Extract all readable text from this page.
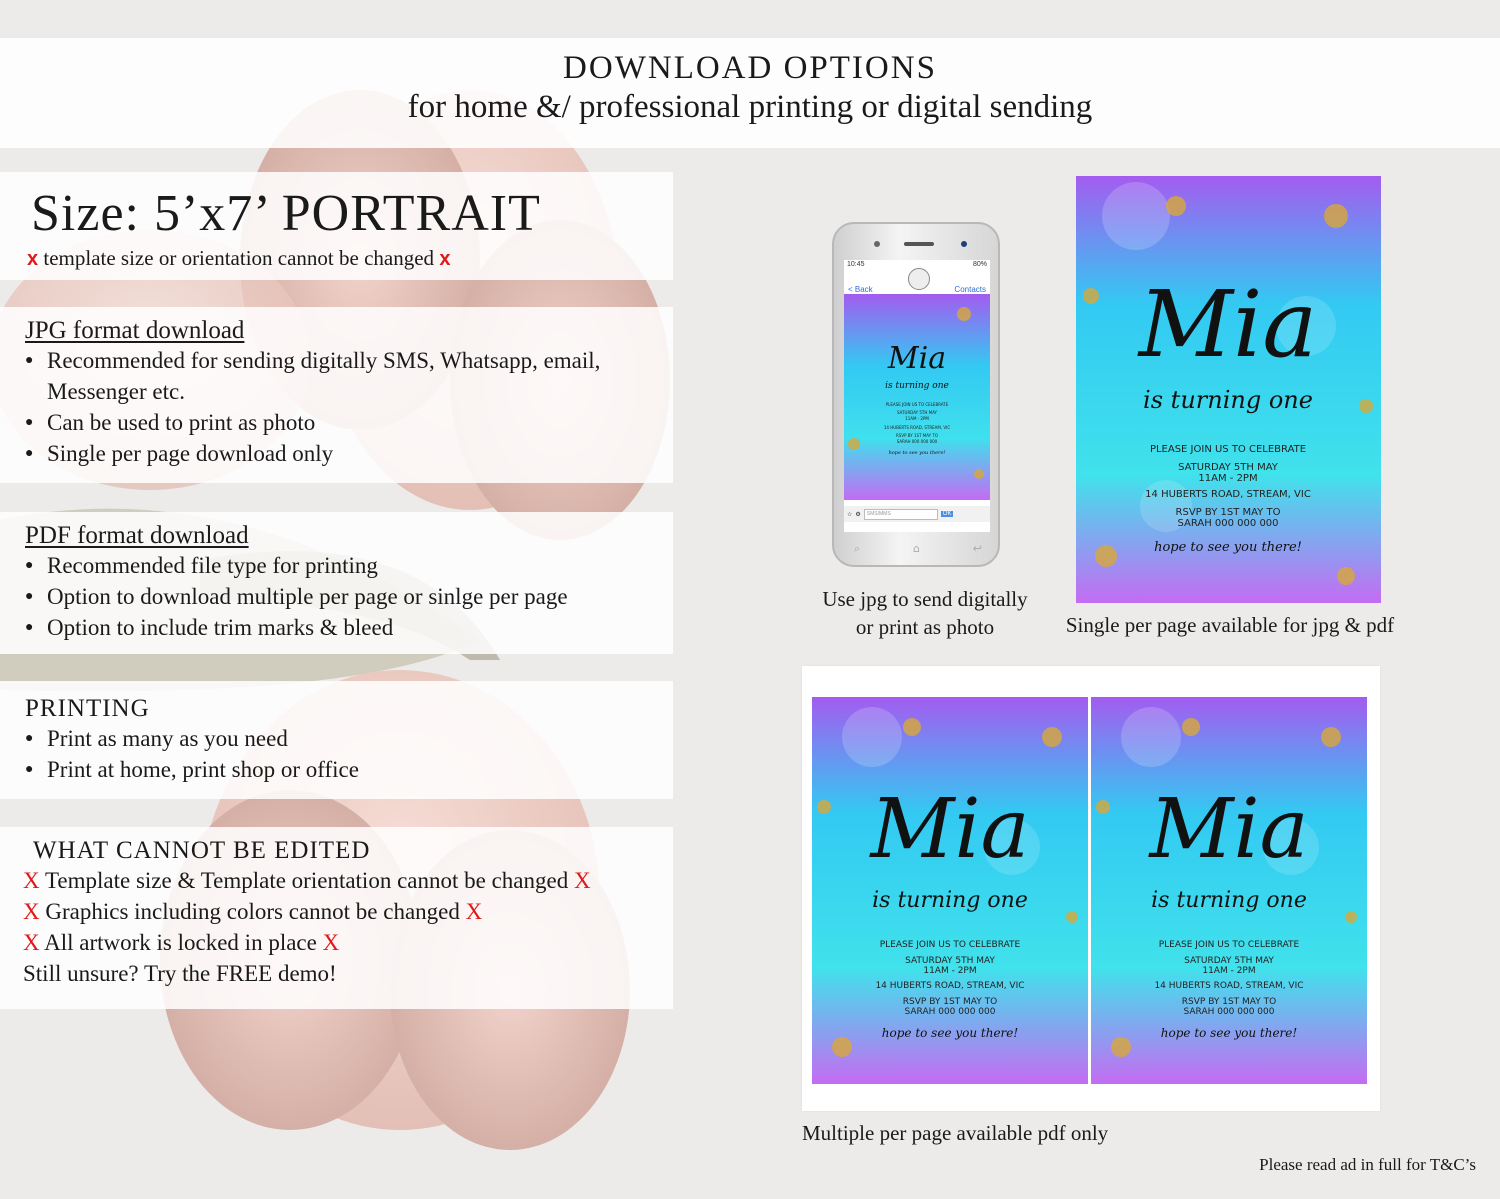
DOWNLOAD OPTIONS
for home &/ professional printing or digital sending
Size: 5’x7’ PORTRAIT
x template size or orientation cannot be changed x
JPG format download
● Recommended for sending digitally SMS, Whatsapp, email, Messenger etc.
● Can be used to print as photo
● Single per page download only
PDF format download
● Recommended file type for printing
● Option to download multiple per page or sinlge per page
● Option to include trim marks & bleed
PRINTING
● Print as many as you need
● Print at home, print shop or office
WHAT CANNOT BE EDITED
X Template size & Template orientation cannot be changed X
X Graphics including colors cannot be changed X
X All artwork is locked in place X
Still unsure? Try the FREE demo!
10:45	80%
< Back	Contacts
Mia
is turning one
PLEASE JOIN US TO CELEBRATE
SATURDAY 5TH MAY
11AM - 2PM
14 HUBERTS ROAD, STREAM, VIC
RSVP BY 1ST MAY TO
SARAH 000 000 000
hope to see you there!
☆ ⚙	SMS/MMS	OK
⌕	⌂	↩
Use jpg to send digitally
or print as photo
Mia
is turning one
PLEASE JOIN US TO CELEBRATE
SATURDAY 5TH MAY
11AM - 2PM
14 HUBERTS ROAD, STREAM, VIC
RSVP BY 1ST MAY TO
SARAH 000 000 000
hope to see you there!
Single per page available for jpg & pdf
Mia
is turning one
PLEASE JOIN US TO CELEBRATE
SATURDAY 5TH MAY
11AM - 2PM
14 HUBERTS ROAD, STREAM, VIC
RSVP BY 1ST MAY TO
SARAH 000 000 000
hope to see you there!
Mia
is turning one
PLEASE JOIN US TO CELEBRATE
SATURDAY 5TH MAY
11AM - 2PM
14 HUBERTS ROAD, STREAM, VIC
RSVP BY 1ST MAY TO
SARAH 000 000 000
hope to see you there!
Multiple per page available pdf only
Please read ad in full for T&C’s
